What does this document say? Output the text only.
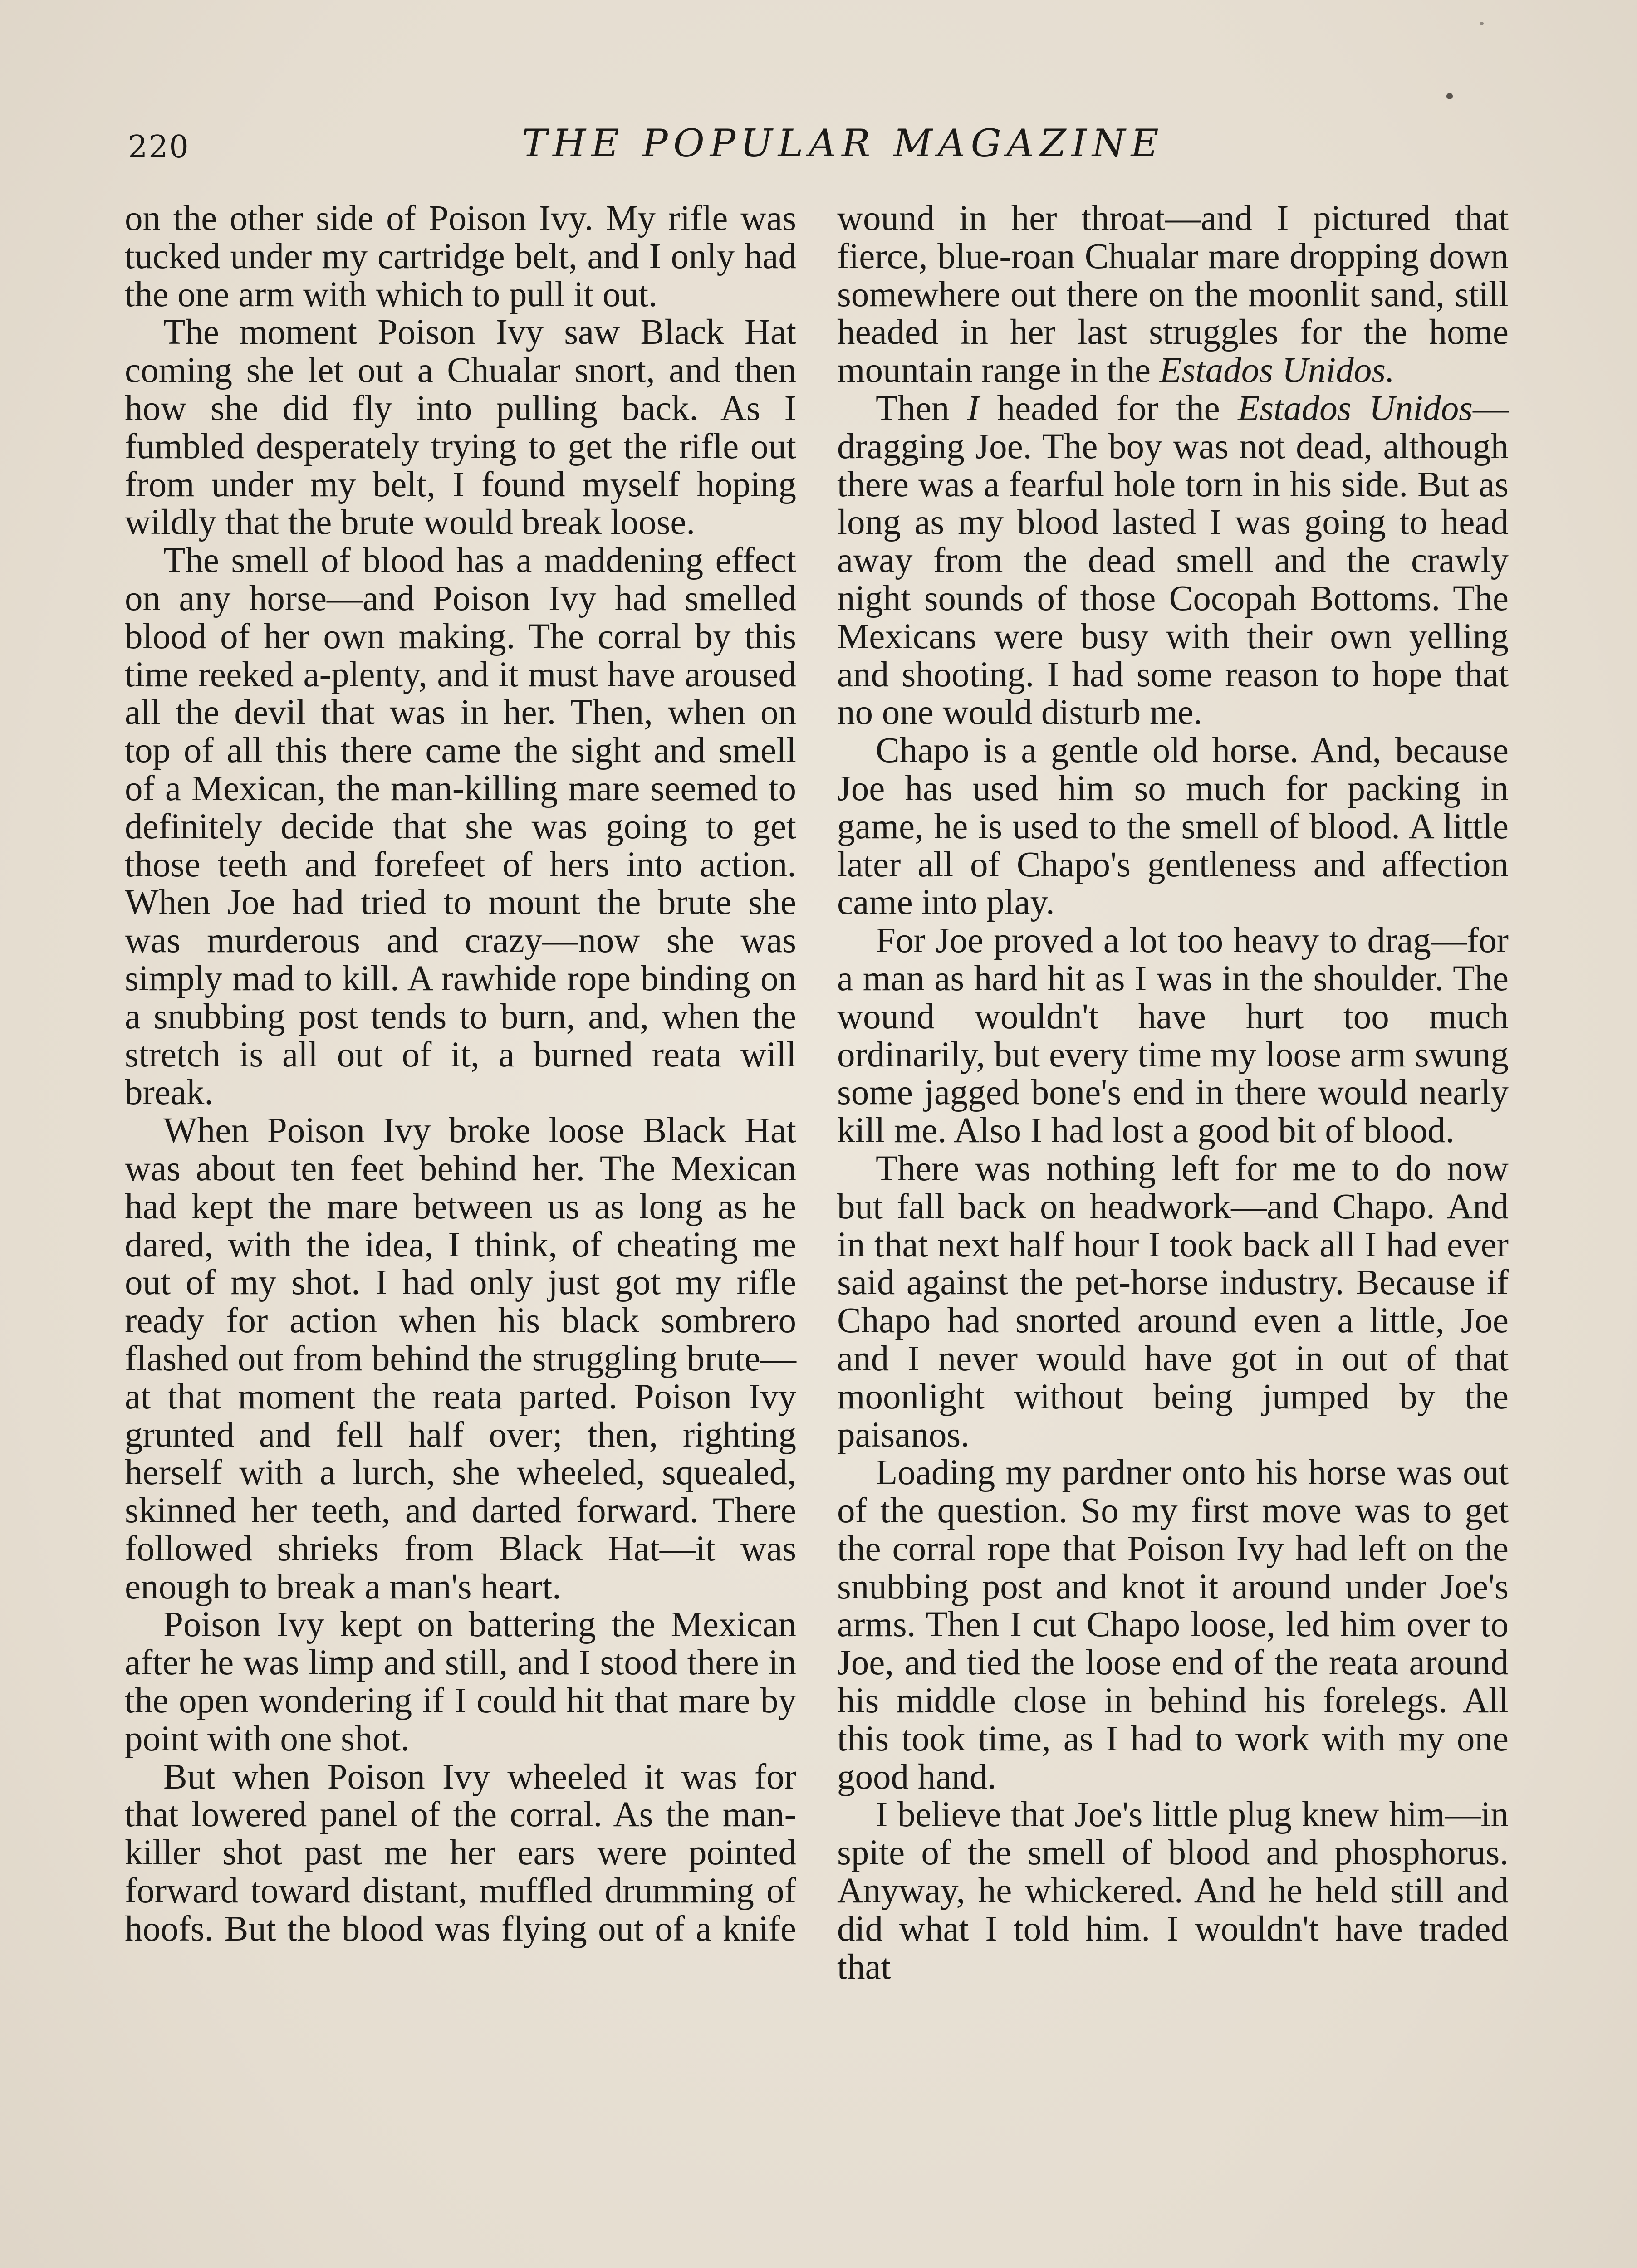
220	THE POPULAR MAGAZINE

on the other side of Poison Ivy. My rifle was tucked under my cartridge belt, and I only had the one arm with which to pull it out.

The moment Poison Ivy saw Black Hat coming she let out a Chualar snort, and then how she did fly into pulling back. As I fumbled desperately trying to get the rifle out from under my belt, I found myself hoping wildly that the brute would break loose.

The smell of blood has a maddening effect on any horse—and Poison Ivy had smelled blood of her own making. The corral by this time reeked a-plenty, and it must have aroused all the devil that was in her. Then, when on top of all this there came the sight and smell of a Mexican, the man-killing mare seemed to definitely decide that she was going to get those teeth and forefeet of hers into action. When Joe had tried to mount the brute she was murderous and crazy—now she was simply mad to kill. A rawhide rope binding on a snubbing post tends to burn, and, when the stretch is all out of it, a burned reata will break.

When Poison Ivy broke loose Black Hat was about ten feet behind her. The Mexican had kept the mare between us as long as he dared, with the idea, I think, of cheating me out of my shot. I had only just got my rifle ready for action when his black sombrero flashed out from behind the struggling brute—at that moment the reata parted. Poison Ivy grunted and fell half over; then, righting herself with a lurch, she wheeled, squealed, skinned her teeth, and darted forward. There followed shrieks from Black Hat—it was enough to break a man's heart.

Poison Ivy kept on battering the Mexican after he was limp and still, and I stood there in the open wondering if I could hit that mare by point with one shot.

But when Poison Ivy wheeled it was for that lowered panel of the corral. As the man-killer shot past me her ears were pointed forward toward distant, muffled drumming of hoofs. But the blood was flying out of a knife

wound in her throat—and I pictured that fierce, blue-roan Chualar mare dropping down somewhere out there on the moonlit sand, still headed in her last struggles for the home mountain range in the Estados Unidos.

Then I headed for the Estados Unidos—dragging Joe. The boy was not dead, although there was a fearful hole torn in his side. But as long as my blood lasted I was going to head away from the dead smell and the crawly night sounds of those Cocopah Bottoms. The Mexicans were busy with their own yelling and shooting. I had some reason to hope that no one would disturb me.

Chapo is a gentle old horse. And, because Joe has used him so much for packing in game, he is used to the smell of blood. A little later all of Chapo's gentleness and affection came into play.

For Joe proved a lot too heavy to drag—for a man as hard hit as I was in the shoulder. The wound wouldn't have hurt too much ordinarily, but every time my loose arm swung some jagged bone's end in there would nearly kill me. Also I had lost a good bit of blood.

There was nothing left for me to do now but fall back on headwork—and Chapo. And in that next half hour I took back all I had ever said against the pet-horse industry. Because if Chapo had snorted around even a little, Joe and I never would have got in out of that moonlight without being jumped by the paisanos.

Loading my pardner onto his horse was out of the question. So my first move was to get the corral rope that Poison Ivy had left on the snubbing post and knot it around under Joe's arms. Then I cut Chapo loose, led him over to Joe, and tied the loose end of the reata around his middle close in behind his forelegs. All this took time, as I had to work with my one good hand.

I believe that Joe's little plug knew him—in spite of the smell of blood and phosphorus. Anyway, he whickered. And he held still and did what I told him. I wouldn't have traded that
